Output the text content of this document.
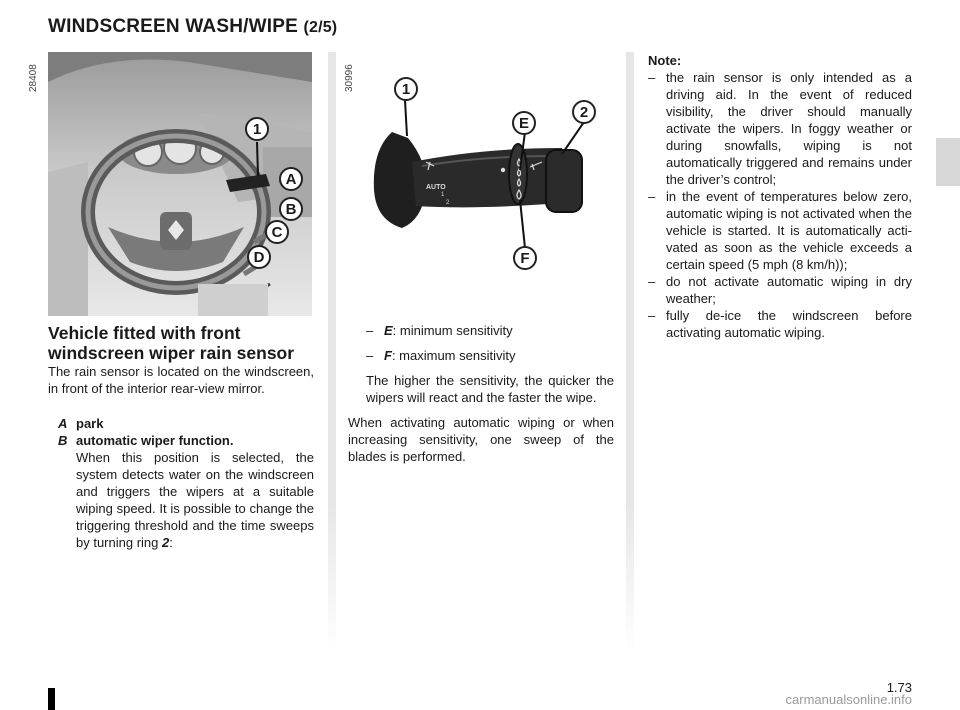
WINDSCREEN WASH/WIPE (2/5)
28408	30996
1
A
B
C
D
AUTO
1
2
1
2
E
F
Vehicle fitted with front windscreen wiper rain sensor

The rain sensor is located on the windscreen, in front of the interior rear-view mirror.

A park
B automatic wiper function.
When this position is selected, the system detects water on the windscreen and triggers the wipers at a suitable wiping speed. It is possible to change the triggering threshold and the time sweeps by turning ring 2:
– E: minimum sensitivity
– F: maximum sensitivity

The higher the sensitivity, the quicker the wipers will react and the faster the wipe.

When activating automatic wiping or when increasing sensitivity, one sweep of the blades is performed.

Note:
– the rain sensor is only intended as a driving aid. In the event of reduced visibility, the driver should manually activate the wipers. In foggy weather or during snowfalls, wiping is not automatically triggered and remains under the driver’s control;
– in the event of temperatures below zero, automatic wiping is not activated when the vehicle is started. It is automatically activated as soon as the vehicle exceeds a certain speed (5 mph (8 km/h));
– do not activate automatic wiping in dry weather;
– fully de-ice the windscreen before activating automatic wiping.
1.73
carmanualsonline.info
